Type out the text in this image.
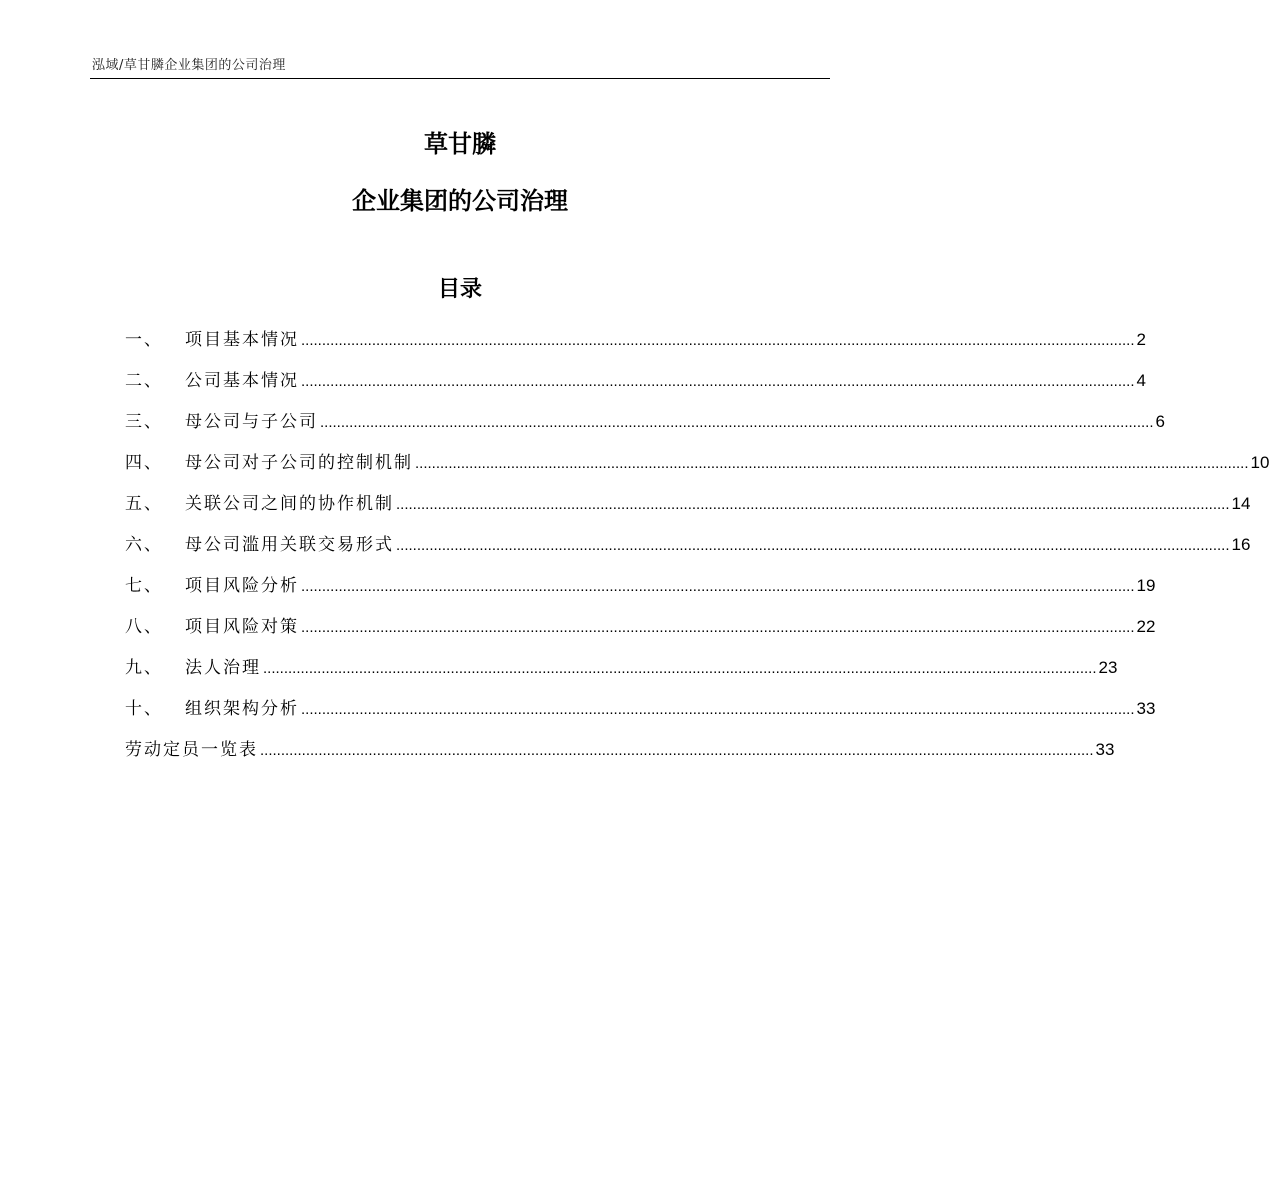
泓域/草甘膦企业集团的公司治理
草甘膦
企业集团的公司治理
目录
一、 项目基本情况 ........................................................................................................................................................................................................ 2
二、 公司基本情况 ........................................................................................................................................................................................................ 4
三、 母公司与子公司 ........................................................................................................................................................................................................ 6
四、 母公司对子公司的控制机制 ........................................................................................................................................................................................................ 10
五、 关联公司之间的协作机制 ........................................................................................................................................................................................................ 14
六、 母公司滥用关联交易形式 ........................................................................................................................................................................................................ 16
七、 项目风险分析 ........................................................................................................................................................................................................ 19
八、 项目风险对策 ........................................................................................................................................................................................................ 22
九、 法人治理 ........................................................................................................................................................................................................ 23
十、 组织架构分析 ........................................................................................................................................................................................................ 33
劳动定员一览表 ........................................................................................................................................................................................................ 33
